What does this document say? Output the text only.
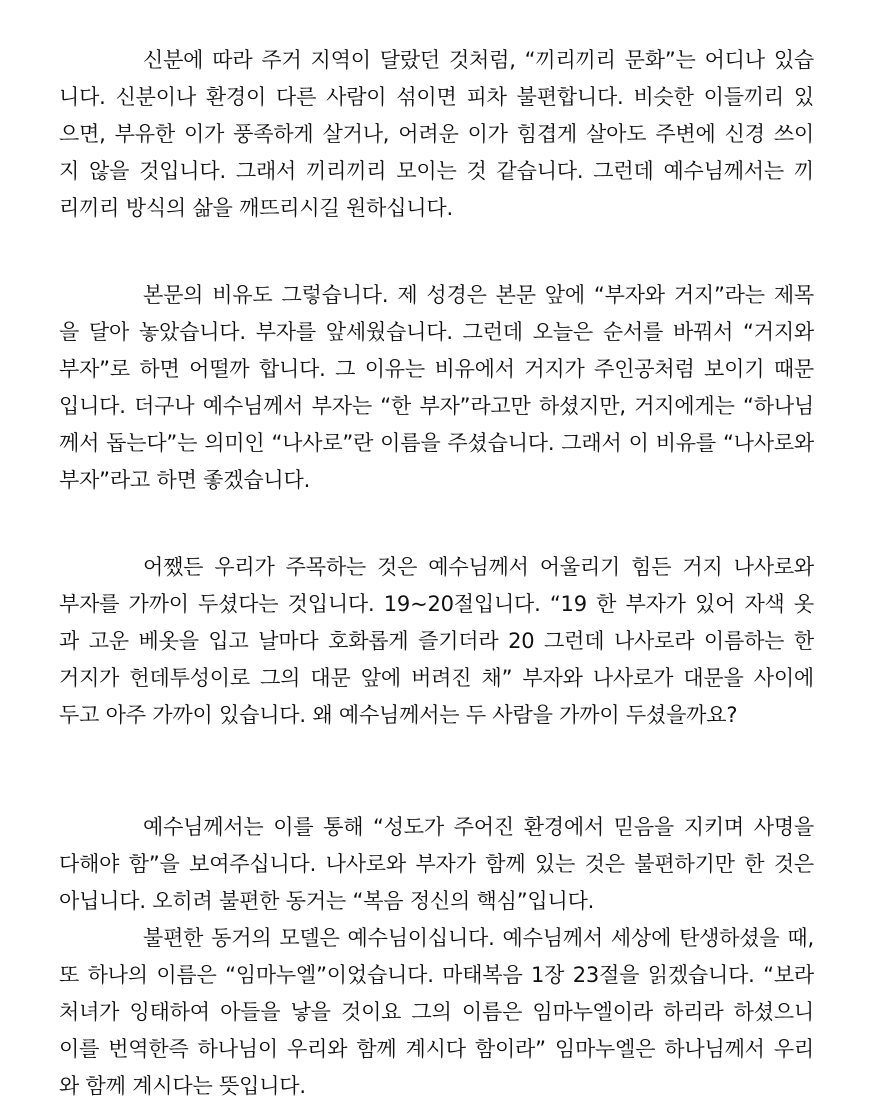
신분에 따라 주거 지역이 달랐던 것처럼, “끼리끼리 문화”는 어디나 있습
니다. 신분이나 환경이 다른 사람이 섞이면 피차 불편합니다. 비슷한 이들끼리 있
으면, 부유한 이가 풍족하게 살거나, 어려운 이가 힘겹게 살아도 주변에 신경 쓰이
지 않을 것입니다. 그래서 끼리끼리 모이는 것 같습니다. 그런데 예수님께서는 끼
리끼리 방식의 삶을 깨뜨리시길 원하십니다.
본문의 비유도 그렇습니다. 제 성경은 본문 앞에 “부자와 거지”라는 제목
을 달아 놓았습니다. 부자를 앞세웠습니다. 그런데 오늘은 순서를 바꿔서 “거지와
부자”로 하면 어떨까 합니다. 그 이유는 비유에서 거지가 주인공처럼 보이기 때문
입니다. 더구나 예수님께서 부자는 “한 부자”라고만 하셨지만, 거지에게는 “하나님
께서 돕는다”는 의미인 “나사로”란 이름을 주셨습니다. 그래서 이 비유를 “나사로와
부자”라고 하면 좋겠습니다.
어쨌든 우리가 주목하는 것은 예수님께서 어울리기 힘든 거지 나사로와
부자를 가까이 두셨다는 것입니다. 19~20절입니다. “19 한 부자가 있어 자색 옷
과 고운 베옷을 입고 날마다 호화롭게 즐기더라 20 그런데 나사로라 이름하는 한
거지가 헌데투성이로 그의 대문 앞에 버려진 채” 부자와 나사로가 대문을 사이에
두고 아주 가까이 있습니다. 왜 예수님께서는 두 사람을 가까이 두셨을까요?
예수님께서는 이를 통해 “성도가 주어진 환경에서 믿음을 지키며 사명을
다해야 함”을 보여주십니다. 나사로와 부자가 함께 있는 것은 불편하기만 한 것은
아닙니다. 오히려 불편한 동거는 “복음 정신의 핵심”입니다.
불편한 동거의 모델은 예수님이십니다. 예수님께서 세상에 탄생하셨을 때,
또 하나의 이름은 “임마누엘”이었습니다. 마태복음 1장 23절을 읽겠습니다. “보라
처녀가 잉태하여 아들을 낳을 것이요 그의 이름은 임마누엘이라 하리라 하셨으니
이를 번역한즉 하나님이 우리와 함께 계시다 함이라” 임마누엘은 하나님께서 우리
와 함께 계시다는 뜻입니다.
